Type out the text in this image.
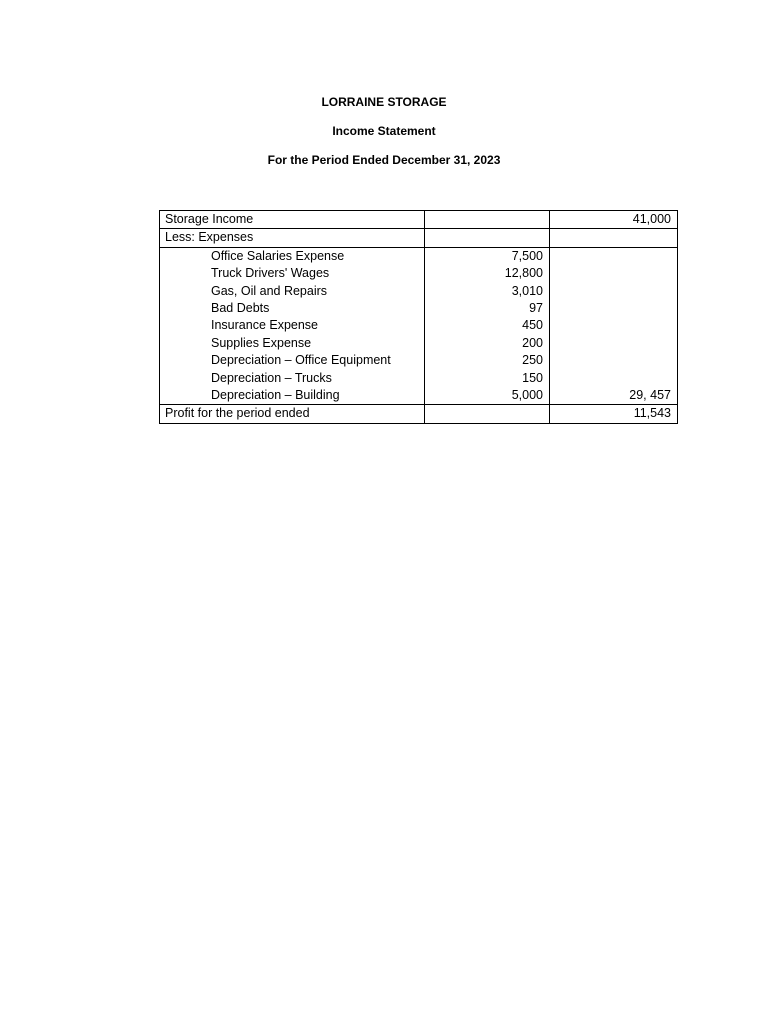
LORRAINE STORAGE
Income Statement
For the Period Ended December 31, 2023
Storage Income		41,000
Less: Expenses		
Office Salaries Expense	7,500	
Truck Drivers' Wages	12,800	
Gas, Oil and Repairs	3,010	
Bad Debts	97	
Insurance Expense	450	
Supplies Expense	200	
Depreciation – Office Equipment	250	
Depreciation – Trucks	150	
Depreciation – Building	5,000	29, 457
Profit for the period ended		11,543
